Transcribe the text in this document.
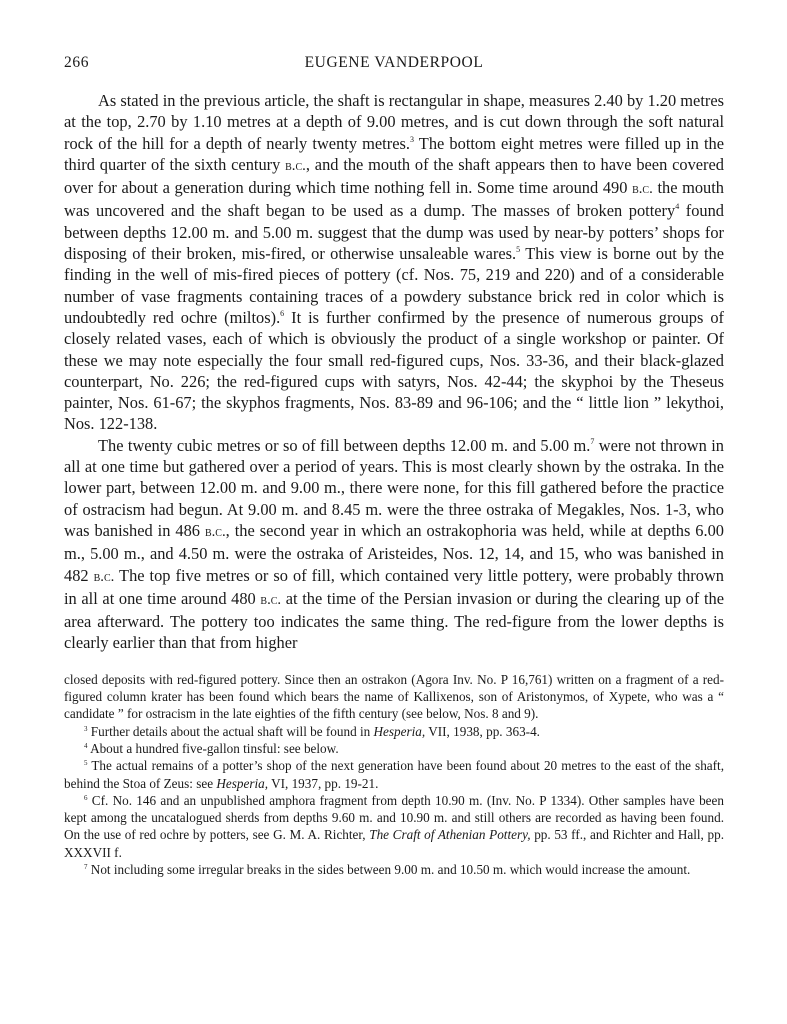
266	EUGENE VANDERPOOL

As stated in the previous article, the shaft is rectangular in shape, measures 2.40 by 1.20 metres at the top, 2.70 by 1.10 metres at a depth of 9.00 metres, and is cut down through the soft natural rock of the hill for a depth of nearly twenty metres.$^3$ The bottom eight metres were filled up in the third quarter of the sixth century b.c., and the mouth of the shaft appears then to have been covered over for about a generation during which time nothing fell in. Some time around 490 b.c. the mouth was uncovered and the shaft began to be used as a dump. The masses of broken pottery$^4$ found between depths 12.00 m. and 5.00 m. suggest that the dump was used by near-by potters’ shops for disposing of their broken, mis-fired, or otherwise unsaleable wares.$^5$ This view is borne out by the finding in the well of mis-fired pieces of pottery (cf. Nos. 75, 219 and 220) and of a considerable number of vase fragments containing traces of a powdery substance brick red in color which is undoubtedly red ochre (miltos).$^6$ It is further confirmed by the presence of numerous groups of closely related vases, each of which is obviously the product of a single workshop or painter. Of these we may note especially the four small red-figured cups, Nos. 33-36, and their black-glazed counterpart, No. 226; the red-figured cups with satyrs, Nos. 42-44; the skyphoi by the Theseus painter, Nos. 61-67; the skyphos fragments, Nos. 83-89 and 96-106; and the “ little lion ” lekythoi, Nos. 122-138.

The twenty cubic metres or so of fill between depths 12.00 m. and 5.00 m.$^7$ were not thrown in all at one time but gathered over a period of years. This is most clearly shown by the ostraka. In the lower part, between 12.00 m. and 9.00 m., there were none, for this fill gathered before the practice of ostracism had begun. At 9.00 m. and 8.45 m. were the three ostraka of Megakles, Nos. 1-3, who was banished in 486 b.c., the second year in which an ostrakophoria was held, while at depths 6.00 m., 5.00 m., and 4.50 m. were the ostraka of Aristeides, Nos. 12, 14, and 15, who was banished in 482 b.c. The top five metres or so of fill, which contained very little pottery, were probably thrown in all at one time around 480 b.c. at the time of the Persian invasion or during the clearing up of the area afterward. The pottery too indicates the same thing. The red-figure from the lower depths is clearly earlier than that from higher

closed deposits with red-figured pottery. Since then an ostrakon (Agora Inv. No. P 16,761) written on a fragment of a red-figured column krater has been found which bears the name of Kallixenos, son of Aristonymos, of Xypete, who was a “ candidate ” for ostracism in the late eighties of the fifth century (see below, Nos. 8 and 9).

$^3$ Further details about the actual shaft will be found in Hesperia, VII, 1938, pp. 363-4.

$^4$ About a hundred five-gallon tinsful: see below.

$^5$ The actual remains of a potter’s shop of the next generation have been found about 20 metres to the east of the shaft, behind the Stoa of Zeus: see Hesperia, VI, 1937, pp. 19-21.

$^6$ Cf. No. 146 and an unpublished amphora fragment from depth 10.90 m. (Inv. No. P 1334). Other samples have been kept among the uncatalogued sherds from depths 9.60 m. and 10.90 m. and still others are recorded as having been found. On the use of red ochre by potters, see G. M. A. Richter, The Craft of Athenian Pottery, pp. 53 ff., and Richter and Hall, pp. XXXVII f.

$^7$ Not including some irregular breaks in the sides between 9.00 m. and 10.50 m. which would increase the amount.
